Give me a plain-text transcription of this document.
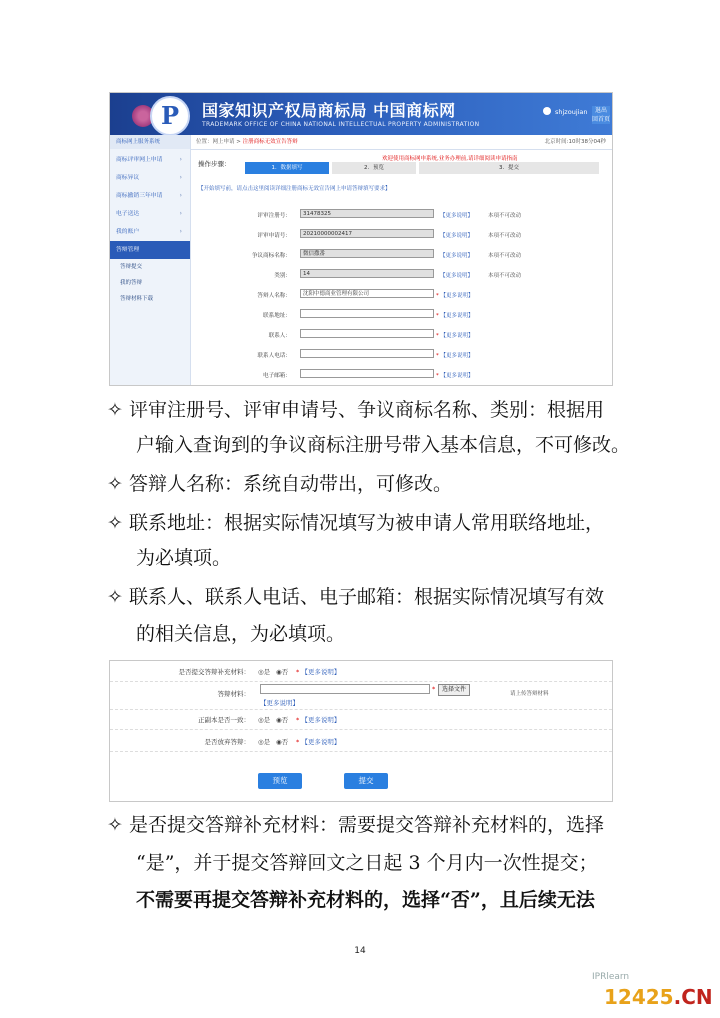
P 国家知识产权局商标局 中国商标网
TRADEMARK OFFICE OF CHINA NATIONAL INTELLECTUAL PROPERTY ADMINISTRATION
shjzoujian	退出
回首页
商标网上服务系统
商标评审网上申请	›
商标异议	›
商标撤销三年申请	›
电子送达	›
我的账户	›
答辩管理
答辩提交
我的答辩
答辩材料下载
位置：网上申请 > 注册商标无效宣告答辩	北京时间:10时38分04秒
操作步骤：
欢迎使用商标网申系统,业务办理前,请详细阅读申请指南
1．数据填写	2．预览	3．提交
【开始填写前，请点击这里阅读详细注册商标无效宣告网上申请答辩填写要求】
评审注册号：	31478325	【更多说明】	本项不可改动
评审申请号：	20210000002417	【更多说明】	本项不可改动
争议商标名称：	微信撒番	【更多说明】	本项不可改动
类别：	14	【更多说明】	本项不可改动
答辩人名称：	沈阳中德商业管理有限公司	* 【更多说明】
联系地址：	* 【更多说明】
联系人：	* 【更多说明】
联系人电话：	* 【更多说明】
电子邮箱：	* 【更多说明】
✧ 评审注册号、评审申请号、争议商标名称、类别：根据用
户输入查询到的争议商标注册号带入基本信息，不可修改。
✧ 答辩人名称：系统自动带出，可修改。
✧ 联系地址：根据实际情况填写为被申请人常用联络地址，
为必填项。
✧ 联系人、联系人电话、电子邮箱：根据实际情况填写有效
的相关信息，为必填项。
是否提交答辩补充材料： ◎是 ◉否 * 【更多说明】
答辩材料：
*	选择文件
请上传答辩材料
【更多说明】
正副本是否一致： ◎是 ◉否 * 【更多说明】
是否放弃答辩： ◎是 ◉否 * 【更多说明】
预览	提交
✧ 是否提交答辩补充材料：需要提交答辩补充材料的，选择
“是”，并于提交答辩回文之日起 3 个月内一次性提交；
不需要再提交答辩补充材料的，选择“否”，且后续无法
14
IPRlearn
12425.CN
